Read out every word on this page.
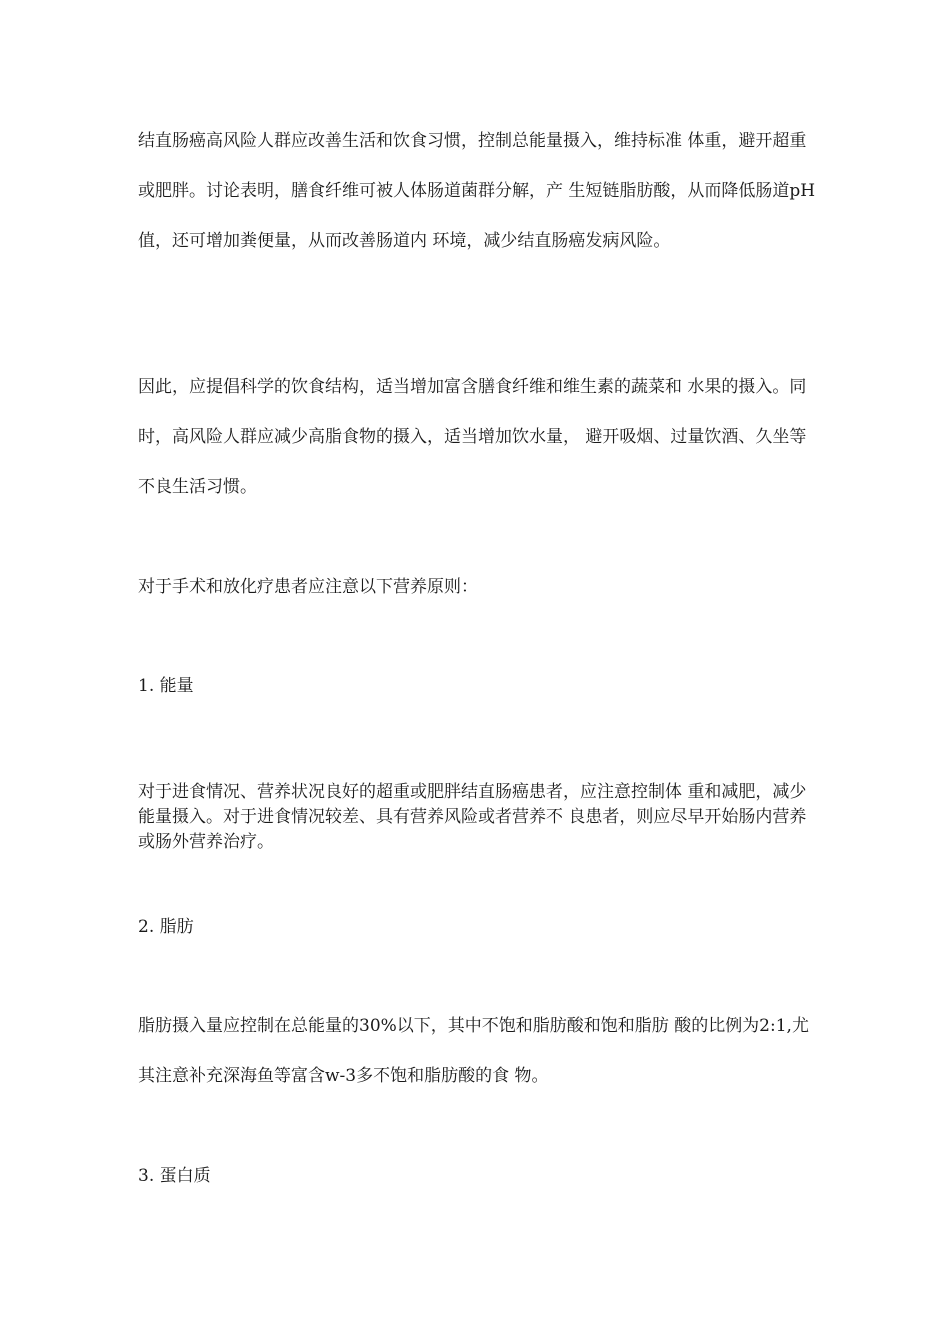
结直肠癌高风险人群应改善生活和饮食习惯，控制总能量摄入，维持标准 体重，避开超重或肥胖。讨论表明，膳食纤维可被人体肠道菌群分解，产 生短链脂肪酸，从而降低肠道pH值，还可增加粪便量，从而改善肠道内 环境，减少结直肠癌发病风险。

因此，应提倡科学的饮食结构，适当增加富含膳食纤维和维生素的蔬菜和 水果的摄入。同时，高风险人群应减少高脂食物的摄入，适当增加饮水量， 避开吸烟、过量饮酒、久坐等不良生活习惯。

对于手术和放化疗患者应注意以下营养原则：

1. 能量

对于进食情况、营养状况良好的超重或肥胖结直肠癌患者，应注意控制体 重和减肥，减少能量摄入。对于进食情况较差、具有营养风险或者营养不 良患者，则应尽早开始肠内营养或肠外营养治疗。

2. 脂肪

脂肪摄入量应控制在总能量的30%以下，其中不饱和脂肪酸和饱和脂肪 酸的比例为2:1,尤其注意补充深海鱼等富含w-3多不饱和脂肪酸的食 物。

3. 蛋白质
